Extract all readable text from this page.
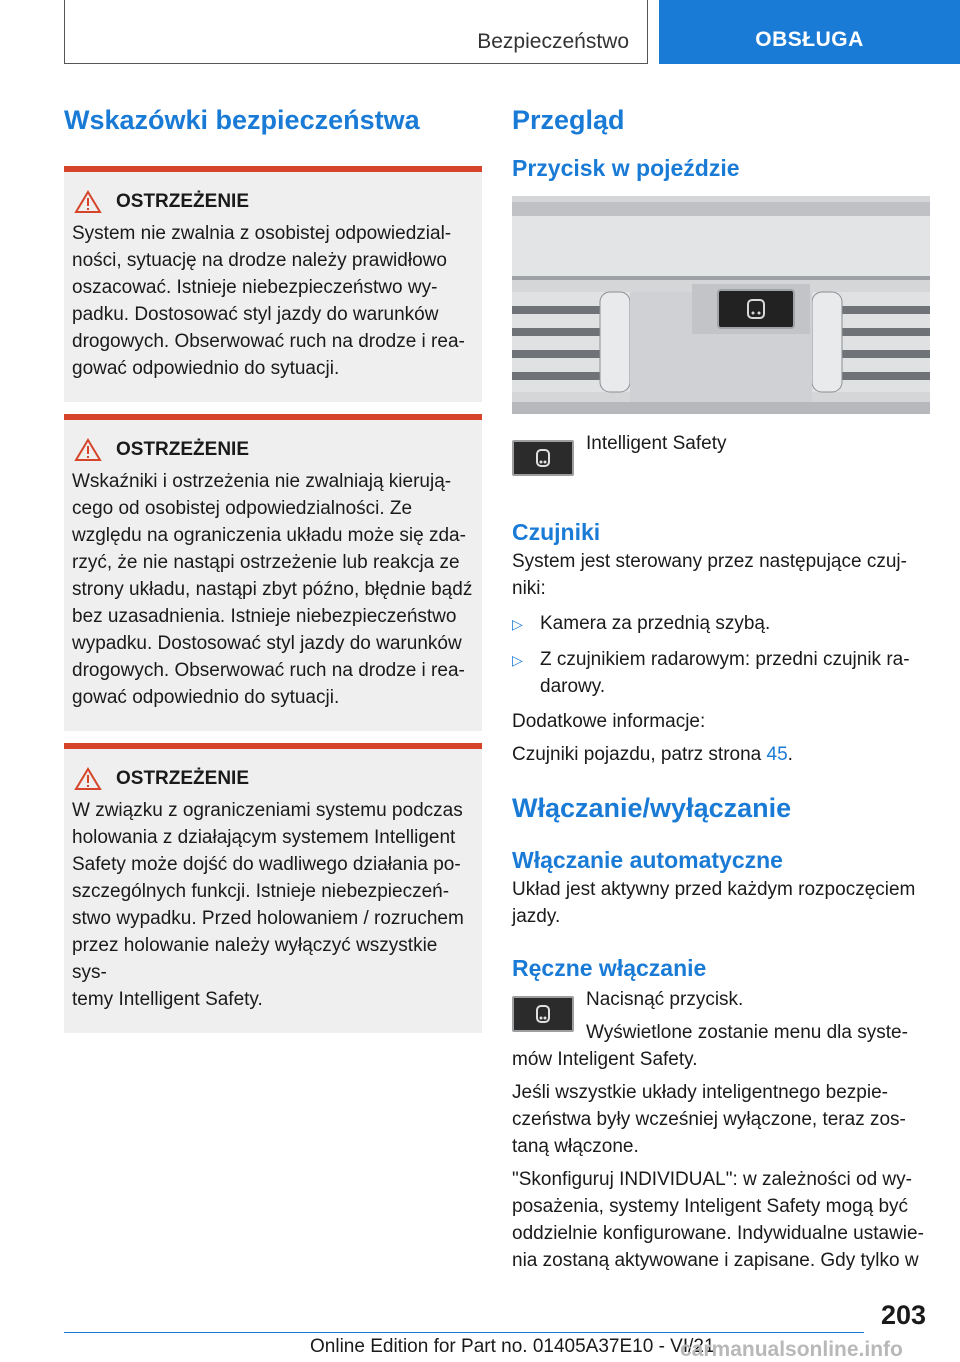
Bezpieczeństwo	OBSŁUGA
Wskazówki bezpieczeństwa
OSTRZEŻENIE
System nie zwalnia z osobistej odpowiedzial-
ności, sytuację na drodze należy prawidłowo
oszacować. Istnieje niebezpieczeństwo wy-
padku. Dostosować styl jazdy do warunków
drogowych. Obserwować ruch na drodze i rea-
gować odpowiednio do sytuacji.
OSTRZEŻENIE
Wskaźniki i ostrzeżenia nie zwalniają kierują-
cego od osobistej odpowiedzialności. Ze
względu na ograniczenia układu może się zda-
rzyć, że nie nastąpi ostrzeżenie lub reakcja ze
strony układu, nastąpi zbyt późno, błędnie bądź
bez uzasadnienia. Istnieje niebezpieczeństwo
wypadku. Dostosować styl jazdy do warunków
drogowych. Obserwować ruch na drodze i rea-
gować odpowiednio do sytuacji.
OSTRZEŻENIE
W związku z ograniczeniami systemu podczas
holowania z działającym systemem Intelligent
Safety może dojść do wadliwego działania po-
szczególnych funkcji. Istnieje niebezpieczeń-
stwo wypadku. Przed holowaniem / rozruchem
przez holowanie należy wyłączyć wszystkie sys-
temy Intelligent Safety.
Przegląd
Przycisk w pojeździe

Intelligent Safety

Czujniki

System jest sterowany przez następujące czuj-

niki:

▷ Kamera za przednią szybą.
▷ Z czujnikiem radarowym: przedni czujnik ra-
darowy.

Dodatkowe informacje:

Czujniki pojazdu, patrz strona 45.

Włączanie/wyłączanie
Włączanie automatyczne

Układ jest aktywny przed każdym rozpoczęciem

jazdy.

Ręczne włączanie

Nacisnąć przycisk.

Wyświetlone zostanie menu dla syste-

mów Inteligent Safety.

Jeśli wszystkie układy inteligentnego bezpie-

czeństwa były wcześniej wyłączone, teraz zos-

taną włączone.

"Skonfiguruj INDIVIDUAL": w zależności od wy-

posażenia, systemy Inteligent Safety mogą być

oddzielnie konfigurowane. Indywidualne ustawie-

nia zostaną aktywowane i zapisane. Gdy tylko w

203
Online Edition for Part no. 01405A37E10 - VI/21
carmanualsonline.info
